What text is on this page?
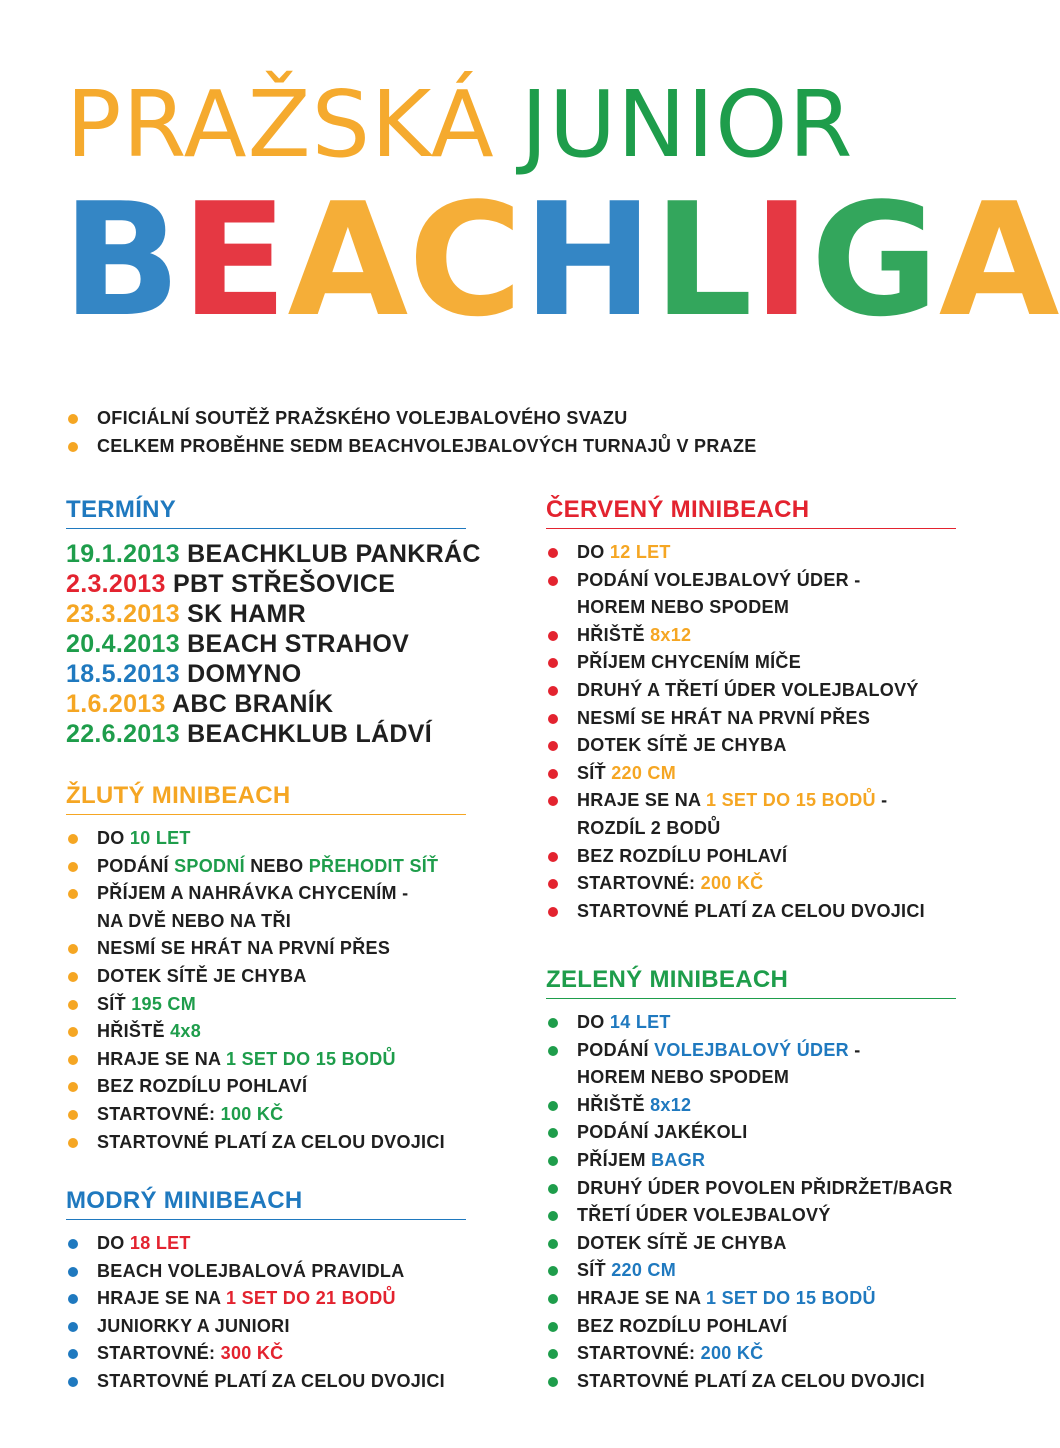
PRAŽSKÁ JUNIOR
B E A C H L I G A
OFICIÁLNÍ SOUTĚŽ PRAŽSKÉHO VOLEJBALOVÉHO SVAZU
CELKEM PROBĚHNE SEDM BEACHVOLEJBALOVÝCH TURNAJŮ V PRAZE
TERMÍNY
19.1.2013 BEACHKLUB PANKRÁC
2.3.2013 PBT STŘEŠOVICE
23.3.2013 SK HAMR
20.4.2013 BEACH STRAHOV
18.5.2013 DOMYNO
1.6.2013 ABC BRANÍK
22.6.2013 BEACHKLUB LÁDVÍ
ŽLUTÝ MINIBEACH
DO 10 LET
PODÁNÍ SPODNÍ NEBO PŘEHODIT SÍŤ
PŘÍJEM A NAHRÁVKA CHYCENÍM -
NA DVĚ NEBO NA TŘI
NESMÍ SE HRÁT NA PRVNÍ PŘES
DOTEK SÍTĚ JE CHYBA
SÍŤ 195 CM
HŘIŠTĚ 4x8
HRAJE SE NA 1 SET DO 15 BODŮ
BEZ ROZDÍLU POHLAVÍ
STARTOVNÉ: 100 KČ
STARTOVNÉ PLATÍ ZA CELOU DVOJICI
MODRÝ MINIBEACH
DO 18 LET
BEACH VOLEJBALOVÁ PRAVIDLA
HRAJE SE NA 1 SET DO 21 BODŮ
JUNIORKY A JUNIORI
STARTOVNÉ: 300 KČ
STARTOVNÉ PLATÍ ZA CELOU DVOJICI
ČERVENÝ MINIBEACH
DO 12 LET
PODÁNÍ VOLEJBALOVÝ ÚDER -
HOREM NEBO SPODEM
HŘIŠTĚ 8x12
PŘÍJEM CHYCENÍM MÍČE
DRUHÝ A TŘETÍ ÚDER VOLEJBALOVÝ
NESMÍ SE HRÁT NA PRVNÍ PŘES
DOTEK SÍTĚ JE CHYBA
SÍŤ 220 CM
HRAJE SE NA 1 SET DO 15 BODŮ -
ROZDÍL 2 BODŮ
BEZ ROZDÍLU POHLAVÍ
STARTOVNÉ: 200 KČ
STARTOVNÉ PLATÍ ZA CELOU DVOJICI
ZELENÝ MINIBEACH
DO 14 LET
PODÁNÍ VOLEJBALOVÝ ÚDER -
HOREM NEBO SPODEM
HŘIŠTĚ 8x12
PODÁNÍ JAKÉKOLI
PŘÍJEM BAGR
DRUHÝ ÚDER POVOLEN PŘIDRŽET/BAGR
TŘETÍ ÚDER VOLEJBALOVÝ
DOTEK SÍTĚ JE CHYBA
SÍŤ 220 CM
HRAJE SE NA 1 SET DO 15 BODŮ
BEZ ROZDÍLU POHLAVÍ
STARTOVNÉ: 200 KČ
STARTOVNÉ PLATÍ ZA CELOU DVOJICI
